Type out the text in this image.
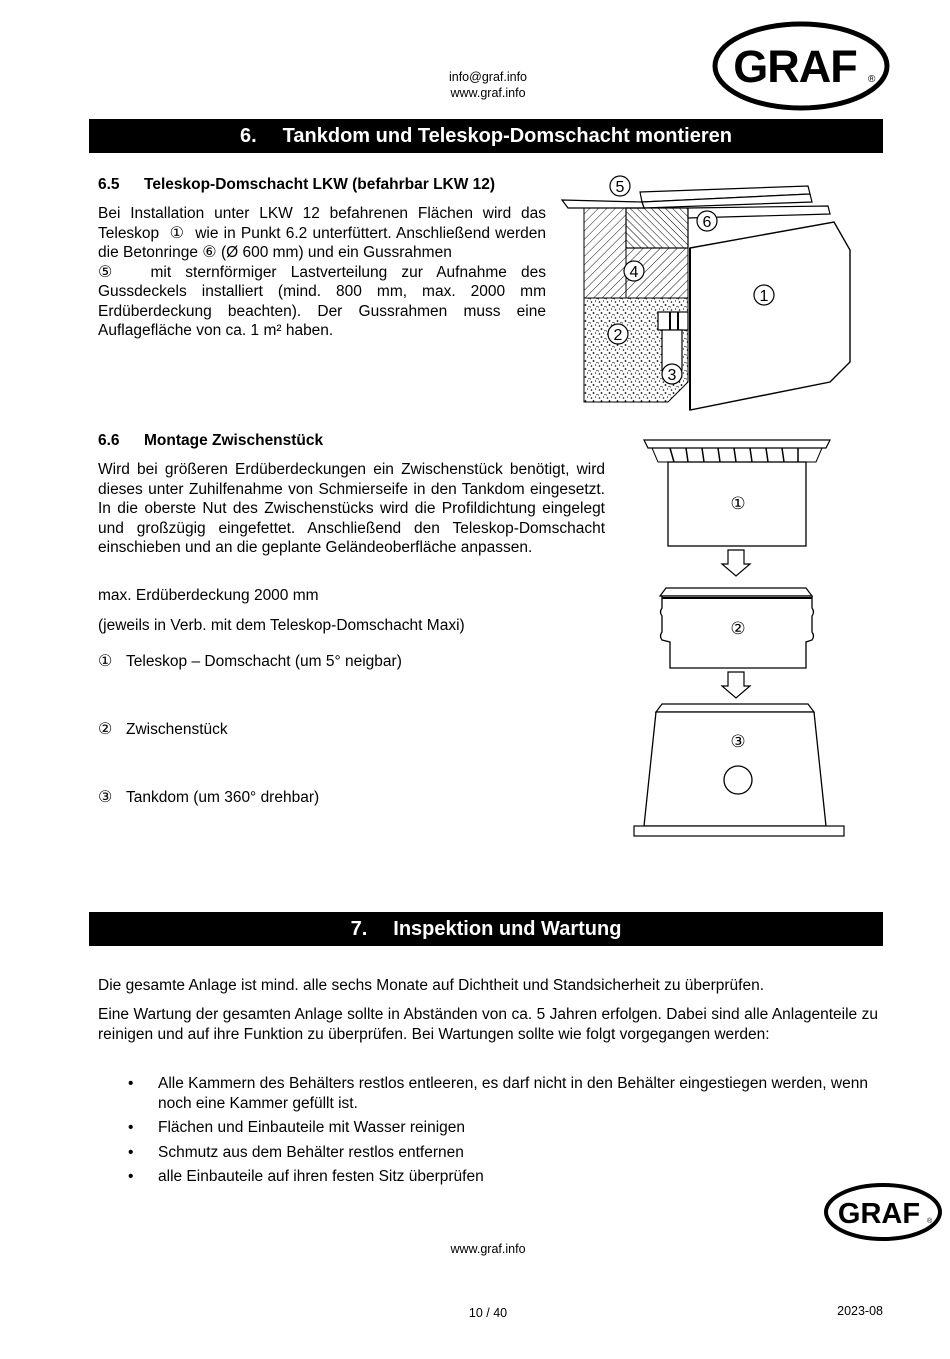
info@graf.info
www.graf.info
GRAF ®
6. Tankdom und Teleskop-Domschacht montieren
6.5 Teleskop-Domschacht LKW (befahrbar LKW 12)
Bei Installation unter LKW 12 befahrenen Flächen wird das Teleskop ① wie in Punkt 6.2 unterfüttert. Anschließend werden die Betonringe ⑥ (Ø 600 mm) und ein Gussrahmen
⑤ mit sternförmiger Lastverteilung zur Aufnahme des Gussdeckels installiert (mind. 800 mm, max. 2000 mm Erdüberdeckung beachten). Der Gussrahmen muss eine Auflagefläche von ca. 1 m² haben.
5
6
4
1
2
3
6.6 Montage Zwischenstück
Wird bei größeren Erdüberdeckungen ein Zwischenstück benötigt, wird dieses unter Zuhilfenahme von Schmierseife in den Tankdom eingesetzt. In die oberste Nut des Zwischenstücks wird die Profildichtung eingelegt und großzügig eingefettet. Anschließend den Teleskop-Domschacht einschieben und an die geplante Geländeoberfläche anpassen.
max. Erdüberdeckung 2000 mm
(jeweils in Verb. mit dem Teleskop-Domschacht Maxi)
① Teleskop – Domschacht (um 5° neigbar)
② Zwischenstück
③ Tankdom (um 360° drehbar)
①
②
③
7. Inspektion und Wartung
Die gesamte Anlage ist mind. alle sechs Monate auf Dichtheit und Standsicherheit zu überprüfen.
Eine Wartung der gesamten Anlage sollte in Abständen von ca. 5 Jahren erfolgen. Dabei sind alle Anlagenteile zu reinigen und auf ihre Funktion zu überprüfen. Bei Wartungen sollte wie folgt vorgegangen werden:
• Alle Kammern des Behälters restlos entleeren, es darf nicht in den Behälter eingestiegen werden, wenn noch eine Kammer gefüllt ist.
• Flächen und Einbauteile mit Wasser reinigen
• Schmutz aus dem Behälter restlos entfernen
• alle Einbauteile auf ihren festen Sitz überprüfen
GRAF ®
www.graf.info
10 / 40	2023-08
